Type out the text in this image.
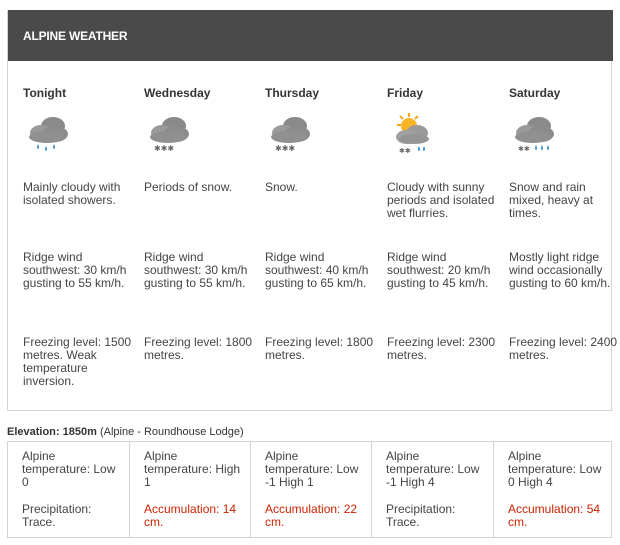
ALPINE WEATHER
Tonight
Mainly cloudy with isolated showers.
Ridge wind southwest: 30 km/h gusting to 55 km/h.
Freezing level: 1500 metres. Weak temperature inversion.
Wednesday
✱✱✱
Periods of snow.
Ridge wind southwest: 30 km/h gusting to 55 km/h.
Freezing level: 1800 metres.
Thursday
✱✱✱
Snow.
Ridge wind southwest: 40 km/h gusting to 65 km/h.
Freezing level: 1800 metres.
Friday
✱✱
Cloudy with sunny periods and isolated wet flurries.
Ridge wind southwest: 20 km/h gusting to 45 km/h.
Freezing level: 2300 metres.
Saturday
✱✱
Snow and rain mixed, heavy at times.
Mostly light ridge wind occasionally gusting to 60 km/h.
Freezing level: 2400 metres.
Elevation: 1850m (Alpine - Roundhouse Lodge)
Alpine temperature: Low 0
Precipitation: Trace.
Alpine temperature: High 1
Accumulation: 14 cm.
Alpine temperature: Low -1 High 1
Accumulation: 22 cm.
Alpine temperature: Low -1 High 4
Precipitation: Trace.
Alpine temperature: Low 0 High 4
Accumulation: 54 cm.
